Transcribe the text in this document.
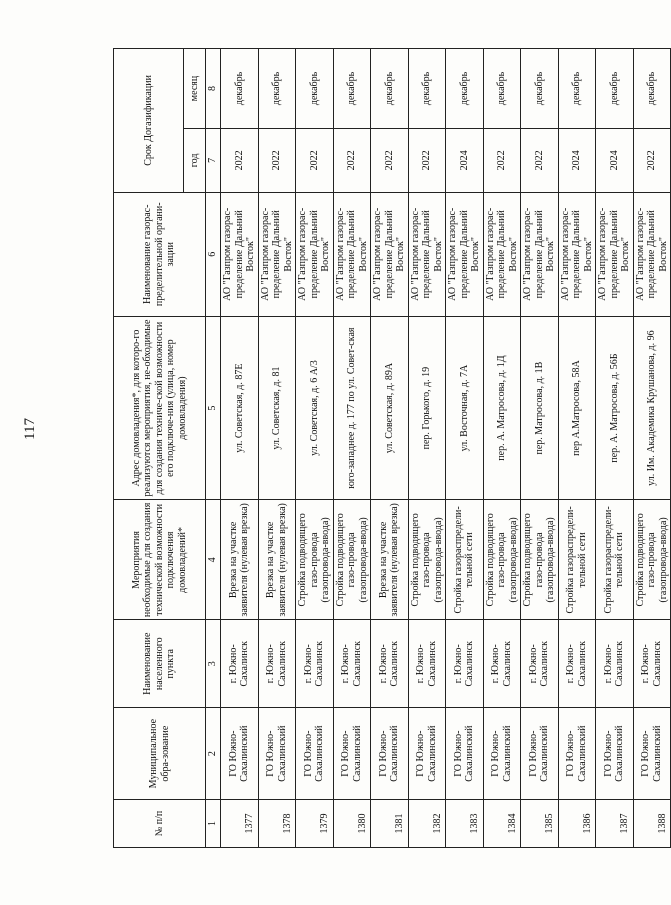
117
№ п/п	Муниципальное обра-зование	Наименование населенного пункта	Мероприятия необходимые для создания технической возможности подключения домовладений*	Адрес домовладения*, для которо-го реализуются мероприятия, не-обходимые для создания техниче-ской возможности его подключе-ния (улица, номер домовладения)	Наименование газорас-пределительной органи-зации	Срок Догазификации	
						год	месяц
1	2	3	4	5	6	7	8
1377	ГО Южно-Сахалинский	г. Южно-Сахалинск	Врезка на участке заявителя (нулевая врезка)	ул. Советская, д. 87Е	АО "Газпром газорас-пределение Дальний Восток"	2022	декабрь
1378	ГО Южно-Сахалинский	г. Южно-Сахалинск	Врезка на участке заявителя (нулевая врезка)	ул. Советская, д. 81	АО "Газпром газорас-пределение Дальний Восток"	2022	декабрь
1379	ГО Южно-Сахалинский	г. Южно-Сахалинск	Стройка подводящего газо-провода (газопровода-ввода)	ул. Советская, д. 6 А/3	АО "Газпром газорас-пределение Дальний Восток"	2022	декабрь
1380	ГО Южно-Сахалинский	г. Южно-Сахалинск	Стройка подводящего газо-провода (газопровода-ввода)	юго-западнее д. 177 по ул. Совет-ская	АО "Газпром газорас-пределение Дальний Восток"	2022	декабрь
1381	ГО Южно-Сахалинский	г. Южно-Сахалинск	Врезка на участке заявителя (нулевая врезка)	ул. Советская, д. 89А	АО "Газпром газорас-пределение Дальний Восток"	2022	декабрь
1382	ГО Южно-Сахалинский	г. Южно-Сахалинск	Стройка подводящего газо-провода (газопровода-ввода)	пер. Горького, д. 19	АО "Газпром газорас-пределение Дальний Восток"	2022	декабрь
1383	ГО Южно-Сахалинский	г. Южно-Сахалинск	Стройка газораспредели-тельной сети	ул. Восточная, д. 7А	АО "Газпром газорас-пределение Дальний Восток"	2024	декабрь
1384	ГО Южно-Сахалинский	г. Южно-Сахалинск	Стройка подводящего газо-провода (газопровода-ввода)	пер. А. Матросова, д. 1Д	АО "Газпром газорас-пределение Дальний Восток"	2022	декабрь
1385	ГО Южно-Сахалинский	г. Южно-Сахалинск	Стройка подводящего газо-провода (газопровода-ввода)	пер. Матросова, д. 1В	АО "Газпром газорас-пределение Дальний Восток"	2022	декабрь
1386	ГО Южно-Сахалинский	г. Южно-Сахалинск	Стройка газораспредели-тельной сети	пер А.Матросова, 58А	АО "Газпром газорас-пределение Дальний Восток"	2024	декабрь
1387	ГО Южно-Сахалинский	г. Южно-Сахалинск	Стройка газораспредели-тельной сети	пер. А. Матросова, д. 56Б	АО "Газпром газорас-пределение Дальний Восток"	2024	декабрь
1388	ГО Южно-Сахалинский	г. Южно-Сахалинск	Стройка подводящего газо-провода (газопровода-ввода)	ул. Им. Академика Крушанова, д. 96	АО "Газпром газорас-пределение Дальний Восток"	2022	декабрь
